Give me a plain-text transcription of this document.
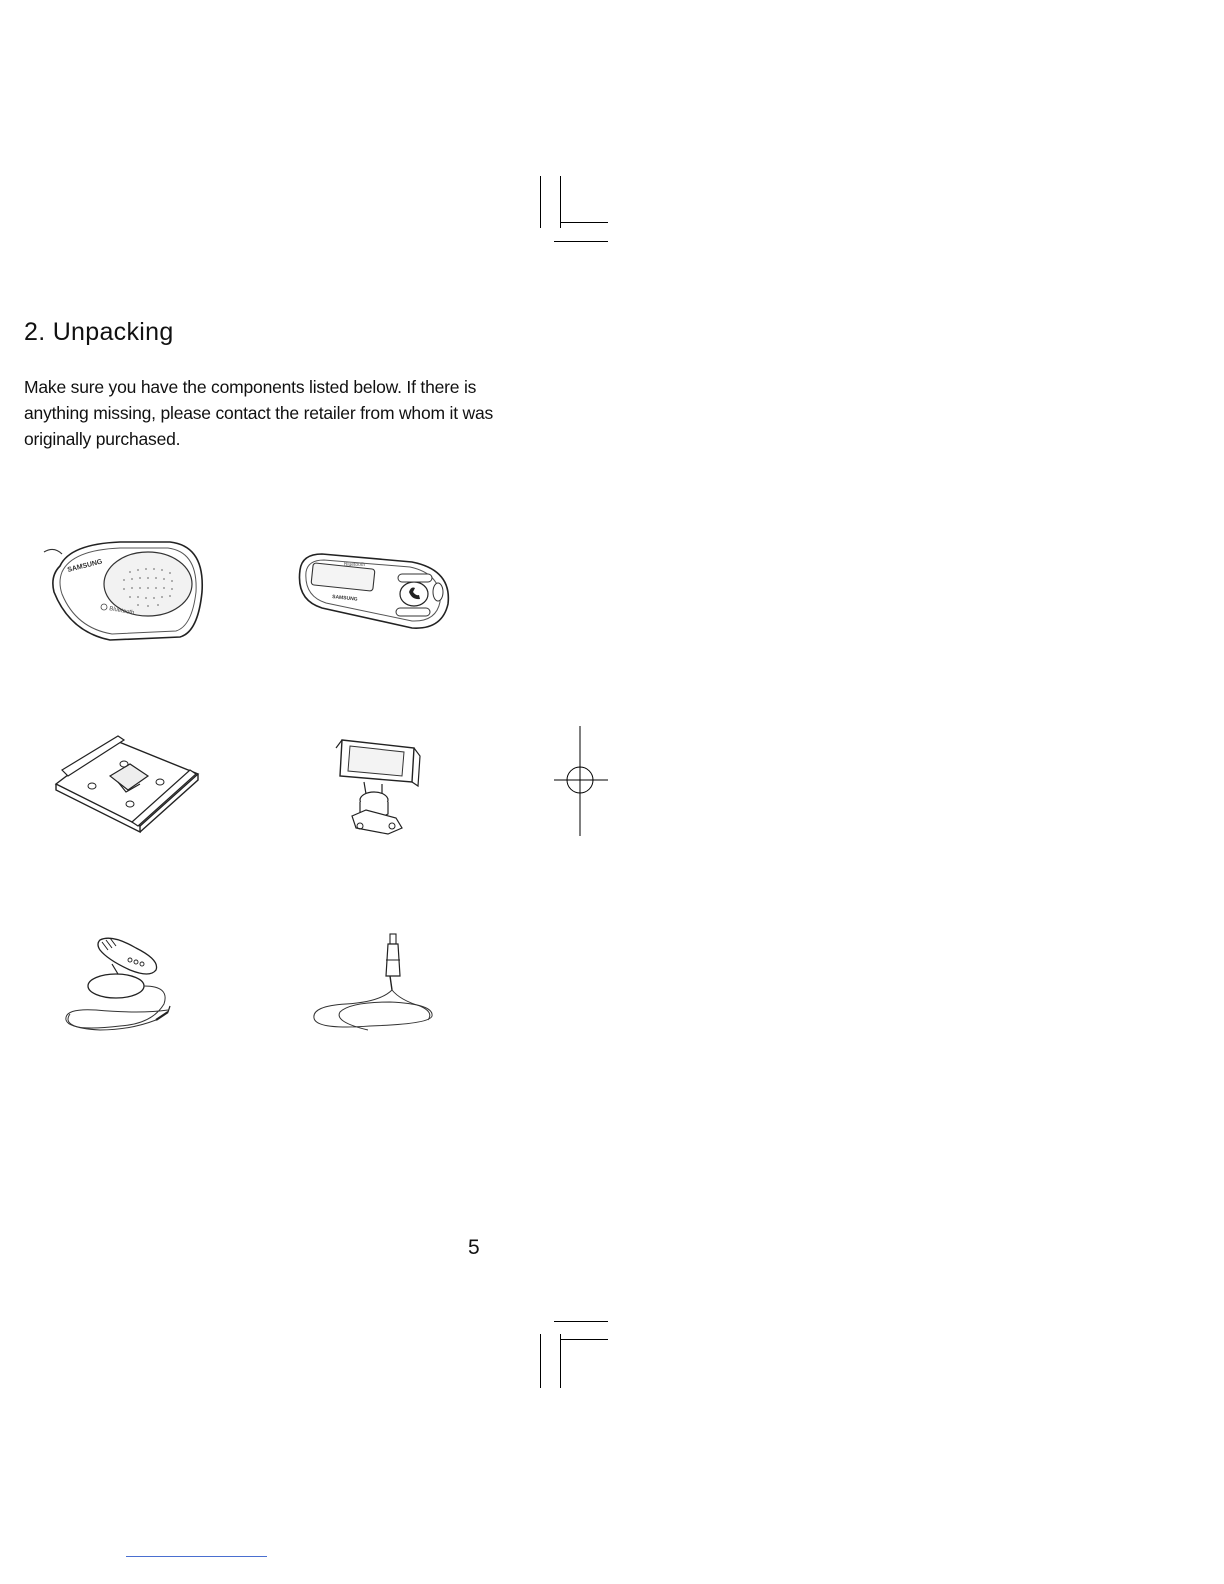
2. Unpacking

Make sure you have the components listed below. If there is anything missing, please contact the retailer from whom it was originally purchased.

SAMSUNG
Bluetooth
Bluetooth
SAMSUNG
5
